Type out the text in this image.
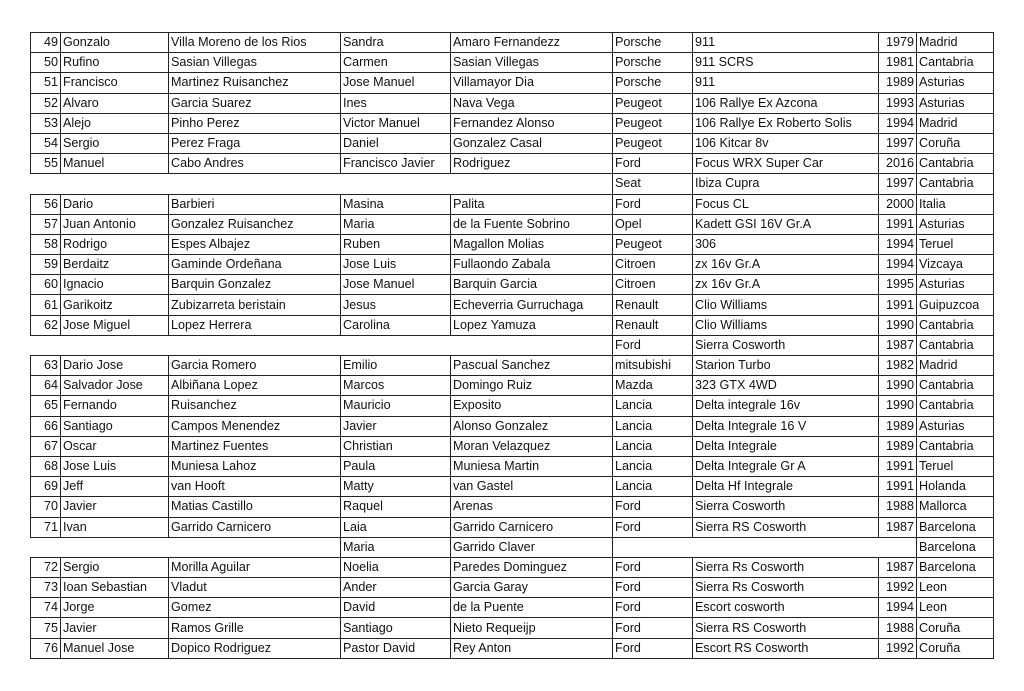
49	Gonzalo	Villa Moreno de los Rios	Sandra	Amaro Fernandezz	Porsche	911	1979	Madrid
50	Rufino	Sasian Villegas	Carmen	Sasian Villegas	Porsche	911 SCRS	1981	Cantabria
51	Francisco	Martinez Ruisanchez	Jose Manuel	Villamayor Dia	Porsche	911	1989	Asturias
52	Alvaro	Garcia Suarez	Ines	Nava Vega	Peugeot	106 Rallye Ex Azcona	1993	Asturias
53	Alejo	Pinho Perez	Victor Manuel	Fernandez Alonso	Peugeot	106 Rallye Ex Roberto Solis	1994	Madrid
54	Sergio	Perez Fraga	Daniel	Gonzalez Casal	Peugeot	106 Kitcar 8v	1997	Coruña
55	Manuel	Cabo Andres	Francisco Javier	Rodriguez	Ford	Focus WRX Super Car	2016	Cantabria
					Seat	Ibiza Cupra	1997	Cantabria
56	Dario	Barbieri	Masina	Palita	Ford	Focus CL	2000	Italia
57	Juan Antonio	Gonzalez Ruisanchez	Maria	de la Fuente Sobrino	Opel	Kadett GSI 16V Gr.A	1991	Asturias
58	Rodrigo	Espes Albajez	Ruben	Magallon Molias	Peugeot	306	1994	Teruel
59	Berdaitz	Gaminde Ordeñana	Jose Luis	Fullaondo Zabala	Citroen	zx 16v Gr.A	1994	Vizcaya
60	Ignacio	Barquin Gonzalez	Jose Manuel	Barquin Garcia	Citroen	zx 16v Gr.A	1995	Asturias
61	Garikoitz	Zubizarreta beristain	Jesus	Echeverria Gurruchaga	Renault	Clio Williams	1991	Guipuzcoa
62	Jose Miguel	Lopez Herrera	Carolina	Lopez Yamuza	Renault	Clio Williams	1990	Cantabria
					Ford	Sierra Cosworth	1987	Cantabria
63	Dario Jose	Garcia Romero	Emilio	Pascual Sanchez	mitsubishi	Starion Turbo	1982	Madrid
64	Salvador Jose	Albiñana Lopez	Marcos	Domingo Ruiz	Mazda	323 GTX 4WD	1990	Cantabria
65	Fernando	Ruisanchez	Mauricio	Exposito	Lancia	Delta integrale 16v	1990	Cantabria
66	Santiago	Campos Menendez	Javier	Alonso Gonzalez	Lancia	Delta Integrale 16 V	1989	Asturias
67	Oscar	Martinez Fuentes	Christian	Moran Velazquez	Lancia	Delta Integrale	1989	Cantabria
68	Jose Luis	Muniesa Lahoz	Paula	Muniesa Martin	Lancia	Delta Integrale Gr A	1991	Teruel
69	Jeff	van Hooft	Matty	van Gastel	Lancia	Delta Hf Integrale	1991	Holanda
70	Javier	Matias Castillo	Raquel	Arenas	Ford	Sierra Cosworth	1988	Mallorca
71	Ivan	Garrido Carnicero	Laia	Garrido Carnicero	Ford	Sierra RS Cosworth	1987	Barcelona
			Maria	Garrido Claver				Barcelona
72	Sergio	Morilla Aguilar	Noelia	Paredes Dominguez	Ford	Sierra Rs Cosworth	1987	Barcelona
73	Ioan Sebastian	Vladut	Ander	Garcia Garay	Ford	Sierra Rs Cosworth	1992	Leon
74	Jorge	Gomez	David	de la Puente	Ford	Escort cosworth	1994	Leon
75	Javier	Ramos Grille	Santiago	Nieto Requeijp	Ford	Sierra RS Cosworth	1988	Coruña
76	Manuel Jose	Dopico Rodriguez	Pastor David	Rey Anton	Ford	Escort RS Cosworth	1992	Coruña
